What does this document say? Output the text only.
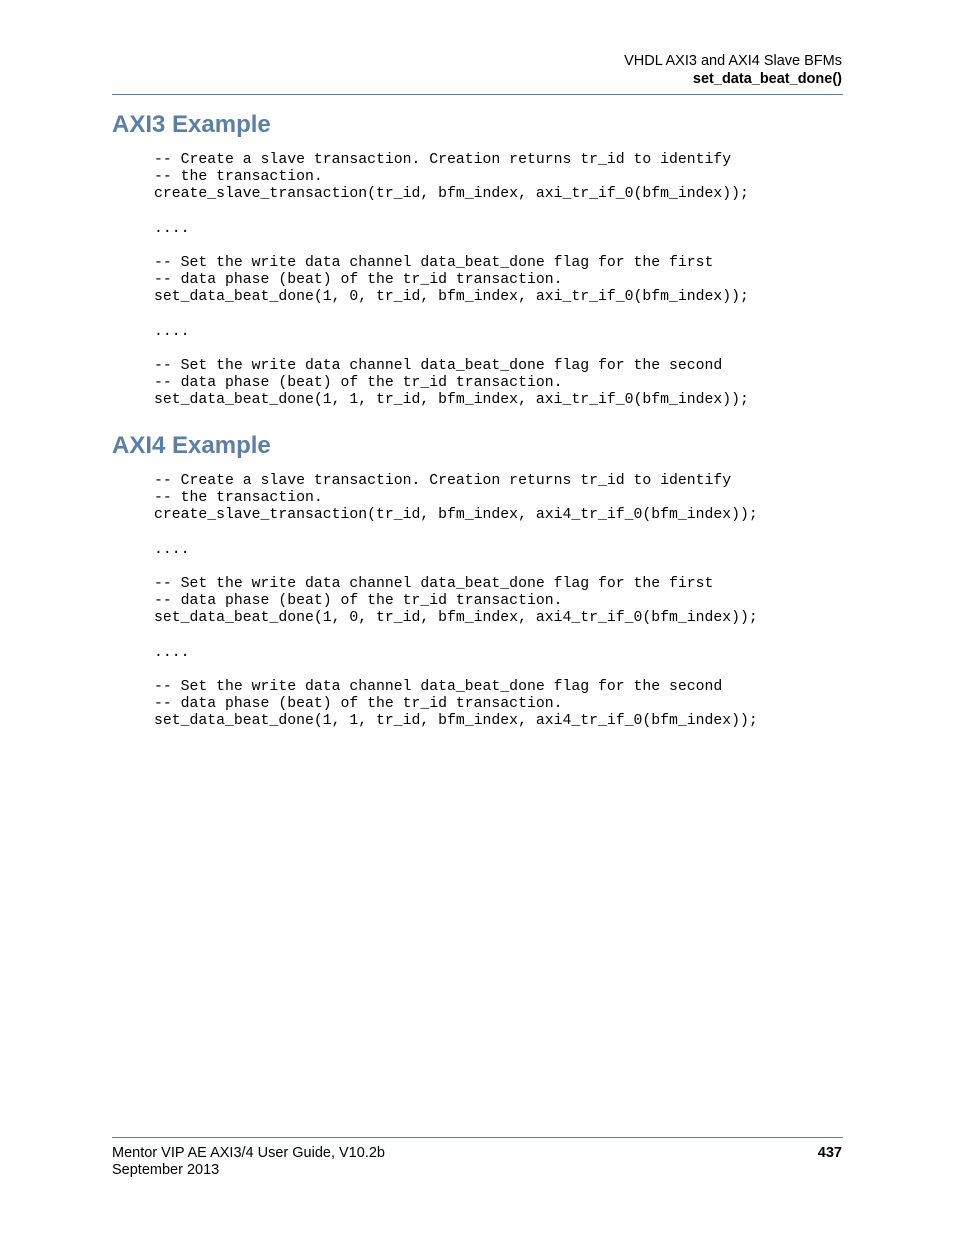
VHDL AXI3 and AXI4 Slave BFMs
set_data_beat_done()
AXI3 Example
-- Create a slave transaction. Creation returns tr_id to identify
-- the transaction.
create_slave_transaction(tr_id, bfm_index, axi_tr_if_0(bfm_index));

....

-- Set the write data channel data_beat_done flag for the first
-- data phase (beat) of the tr_id transaction.
set_data_beat_done(1, 0, tr_id, bfm_index, axi_tr_if_0(bfm_index));

....

-- Set the write data channel data_beat_done flag for the second
-- data phase (beat) of the tr_id transaction.
set_data_beat_done(1, 1, tr_id, bfm_index, axi_tr_if_0(bfm_index));
AXI4 Example
-- Create a slave transaction. Creation returns tr_id to identify
-- the transaction.
create_slave_transaction(tr_id, bfm_index, axi4_tr_if_0(bfm_index));

....

-- Set the write data channel data_beat_done flag for the first
-- data phase (beat) of the tr_id transaction.
set_data_beat_done(1, 0, tr_id, bfm_index, axi4_tr_if_0(bfm_index));

....

-- Set the write data channel data_beat_done flag for the second
-- data phase (beat) of the tr_id transaction.
set_data_beat_done(1, 1, tr_id, bfm_index, axi4_tr_if_0(bfm_index));
Mentor VIP AE AXI3/4 User Guide, V10.2b
September 2013
437
